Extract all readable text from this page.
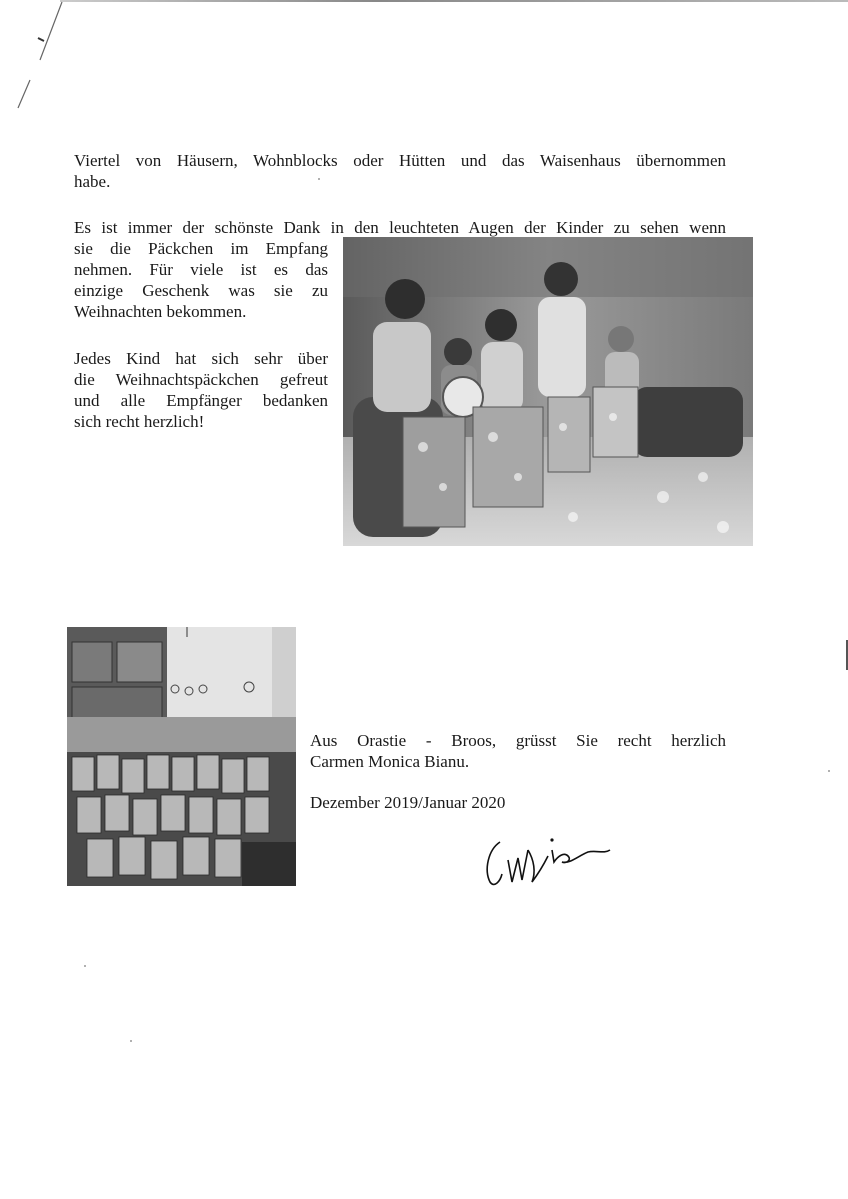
Viertel von Häusern, Wohnblocks oder Hütten und das Waisenhaus übernommen
habe.
Es ist immer der schönste Dank in den leuchteten Augen der Kinder zu sehen wenn
sie die Päckchen im Empfang
nehmen. Für viele ist es das
einzige Geschenk was sie zu
Weihnachten bekommen.
Jedes Kind hat sich sehr über
die Weihnachtspäckchen gefreut
und alle Empfänger bedanken
sich recht herzlich!
Aus Orastie - Broos, grüsst Sie recht herzlich
Carmen Monica Bianu.
Dezember 2019/Januar 2020
